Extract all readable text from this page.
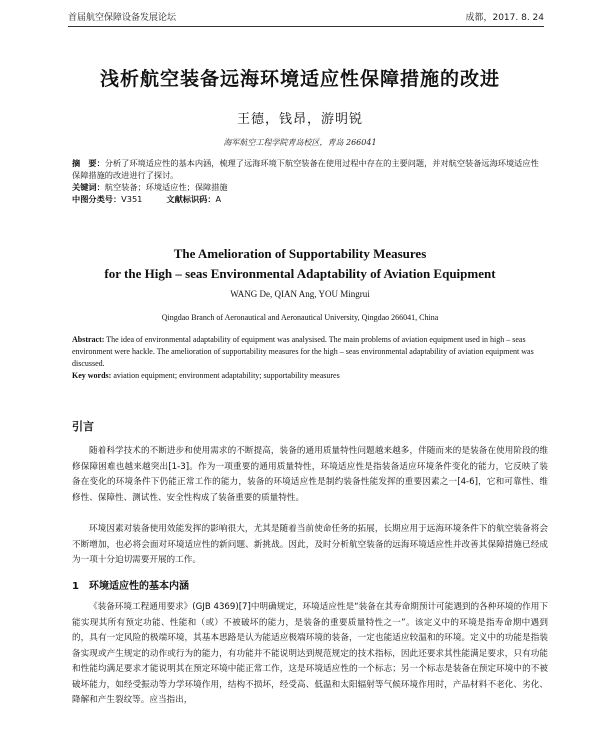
首届航空保障设备发展论坛	成都，2017. 8. 24
浅析航空装备远海环境适应性保障措施的改进
王德，钱昂，游明锐
海军航空工程学院青岛校区，青岛 266041
摘　要：分析了环境适应性的基本内涵，梳理了远海环境下航空装备在使用过程中存在的主要问题，并对航空装备远海环境适应性保障措施的改进进行了探讨。
关键词：航空装备；环境适应性；保障措施
中图分类号：V351	文献标识码：A
The Amelioration of Supportability Measures
for the High – seas Environmental Adaptability of Aviation Equipment
WANG De, QIAN Ang, YOU Mingrui
Qingdao Branch of Aeronautical and Aeronautical University, Qingdao 266041, China
Abstract: The idea of environmental adaptability of equipment was analysised. The main problems of aviation equipment used in high – seas environment were hackle. The amelioration of supportability measures for the high – seas environmental adaptability of aviation equipment was discussed.
Key words: aviation equipment; environment adaptability; supportability measures
引言

随着科学技术的不断进步和使用需求的不断提高，装备的通用质量特性问题越来越多，伴随而来的是装备在使用阶段的维修保障困难也越来越突出[1-3]。作为一项重要的通用质量特性，环境适应性是指装备适应环境条件变化的能力，它反映了装备在变化的环境条件下仍能正常工作的能力，装备的环境适应性是制约装备性能发挥的重要因素之一[4-6]，它和可靠性、维修性、保障性、测试性、安全性构成了装备重要的质量特性。

环境因素对装备使用效能发挥的影响很大，尤其是随着当前使命任务的拓展，长期应用于远海环境条件下的航空装备将会不断增加，也必将会面对环境适应性的新问题、新挑战。因此，及时分析航空装备的远海环境适应性并改善其保障措施已经成为一项十分迫切需要开展的工作。

1 环境适应性的基本内涵

《装备环境工程通用要求》(GJB 4369)[7]中明确规定，环境适应性是“装备在其寿命期预计可能遇到的各种环境的作用下能实现其所有预定功能、性能和（或）不被破坏的能力，是装备的重要质量特性之一”。该定义中的环境是指寿命期中遇到的，具有一定风险的极端环境，其基本思路是认为能适应极端环境的装备，一定也能适应较温和的环境。定义中的功能是指装备实现或产生规定的动作或行为的能力，有功能并不能说明达到规范规定的技术指标，因此还要求其性能满足要求，只有功能和性能均满足要求才能说明其在预定环境中能正常工作，这是环境适应性的一个标志；另一个标志是装备在预定环境中的不被破坏能力，如经受振动等力学环境作用，结构不损坏，经受高、低温和太阳辐射等气候环境作用时，产品材料不老化、劣化、降解和产生裂纹等。应当指出，
